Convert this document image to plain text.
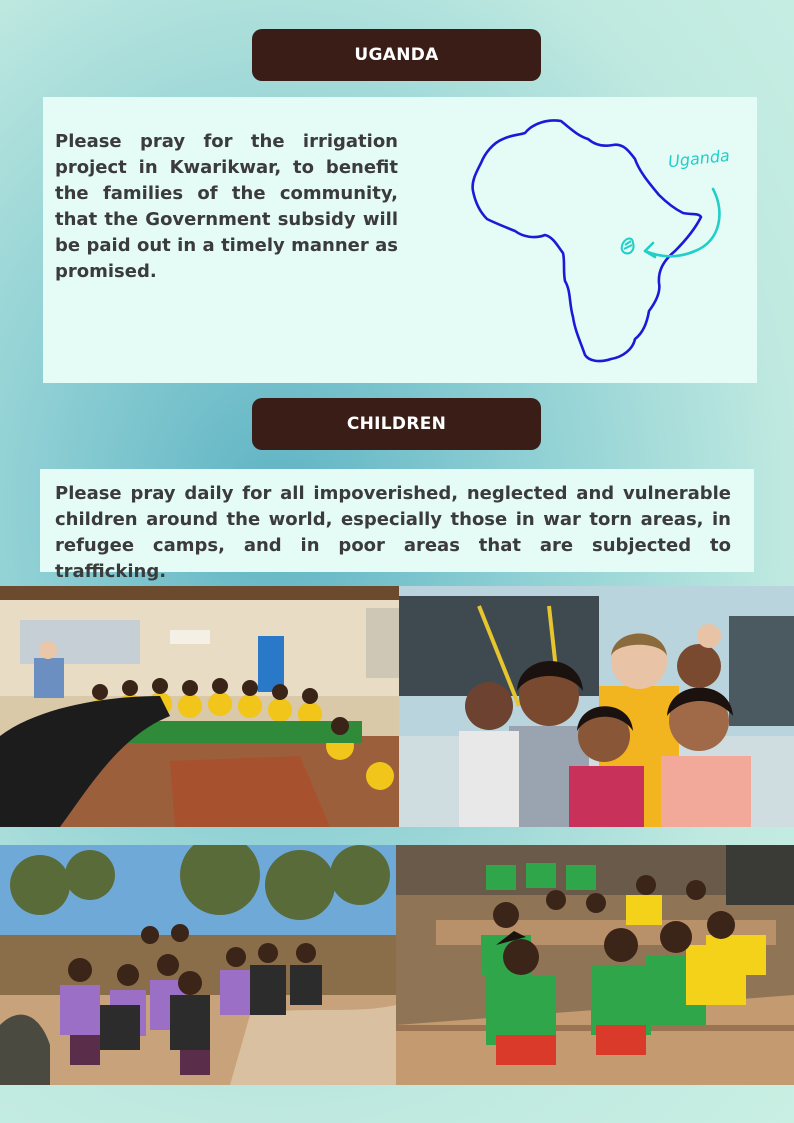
UGANDA

Please pray for the irrigation project in Kwarikwar, to benefit the families of the community, that the Government subsidy will be paid out in a timely manner as promised.

Uganda
CHILDREN

Please pray daily for all impoverished, neglected and vulnerable children around the world, especially those in war torn areas, in refugee camps, and in poor areas that are subjected to trafficking.
